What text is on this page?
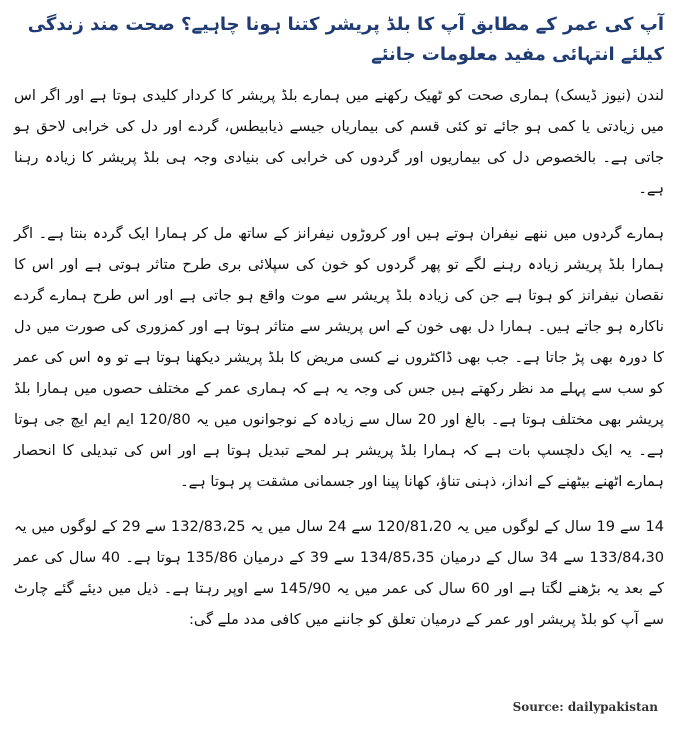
آپ کی عمر کے مطابق آپ کا بلڈ پریشر کتنا ہونا چاہیے؟ صحت مند زندگی کیلئے انتہائی مفید معلومات جانئے

لندن (نیوز ڈیسک) ہماری صحت کو ٹھیک رکھنے میں ہمارے بلڈ پریشر کا کردار کلیدی ہوتا ہے اور اگر اس میں زیادتی یا کمی ہو جائے تو کئی قسم کی بیماریاں جیسے ذیابیطس، گردے اور دل کی خرابی لاحق ہو جاتی ہے۔ بالخصوص دل کی بیماریوں اور گردوں کی خرابی کی بنیادی وجہ ہی بلڈ پریشر کا زیادہ رہنا ہے۔

ہمارے گردوں میں ننھے نیفران ہوتے ہیں اور کروڑوں نیفرانز کے ساتھ مل کر ہمارا ایک گردہ بنتا ہے۔ اگر ہمارا بلڈ پریشر زیادہ رہنے لگے تو پھر گردوں کو خون کی سپلائی بری طرح متاثر ہوتی ہے اور اس کا نقصان نیفرانز کو ہوتا ہے جن کی زیادہ بلڈ پریشر سے موت واقع ہو جاتی ہے اور اس طرح ہمارے گردے ناکارہ ہو جاتے ہیں۔ ہمارا دل بھی خون کے اس پریشر سے متاثر ہوتا ہے اور کمزوری کی صورت میں دل کا دورہ بھی پڑ جاتا ہے۔ جب بھی ڈاکٹروں نے کسی مریض کا بلڈ پریشر دیکھنا ہوتا ہے تو وہ اس کی عمر کو سب سے پہلے مد نظر رکھتے ہیں جس کی وجہ یہ ہے کہ ہماری عمر کے مختلف حصوں میں ہمارا بلڈ پریشر بھی مختلف ہوتا ہے۔ بالغ اور 20 سال سے زیادہ کے نوجوانوں میں یہ 120/80 ایم ایم ایچ جی ہوتا ہے۔ یہ ایک دلچسپ بات ہے کہ ہمارا بلڈ پریشر ہر لمحے تبدیل ہوتا ہے اور اس کی تبدیلی کا انحصار ہمارے اٹھنے بیٹھنے کے انداز، ذہنی تناؤ، کھانا پینا اور جسمانی مشقت پر ہوتا ہے۔

14 سے 19 سال کے لوگوں میں یہ 120/81،20 سے 24 سال میں یہ 132/83،25 سے 29 کے لوگوں میں یہ 133/84،30 سے 34 سال کے درمیان 134/85،35 سے 39 کے درمیان 135/86 ہوتا ہے۔ 40 سال کی عمر کے بعد یہ بڑھنے لگتا ہے اور 60 سال کی عمر میں یہ 145/90 سے اوپر رہتا ہے۔ ذیل میں دیئے گئے چارٹ سے آپ کو بلڈ پریشر اور عمر کے درمیان تعلق کو جاننے میں کافی مدد ملے گی:

Source: dailypakistan
